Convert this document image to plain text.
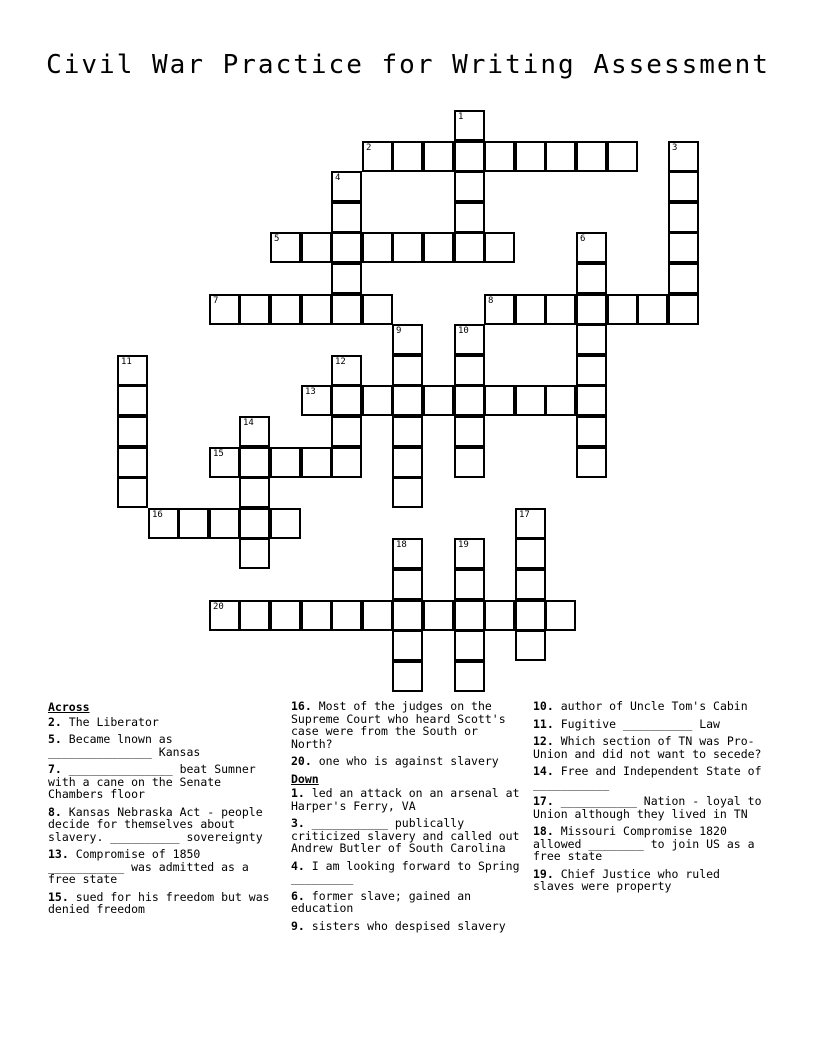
Civil War Practice for Writing Assessment
2
5
7	8
13
15
16
20
1
3
4
6
9	10
11	12
14
17
18	19
Across
2. The Liberator
5. Became lnown as _______________ Kansas
7. _______________ beat Sumner with a cane on the Senate Chambers floor
8. Kansas Nebraska Act - people decide for themselves about slavery. __________ sovereignty
13. Compromise of 1850 ___________ was admitted as a free state
15. sued for his freedom but was denied freedom
16. Most of the judges on the Supreme Court who heard Scott's case were from the South or North?
20. one who is against slavery
Down
1. led an attack on an arsenal at Harper's Ferry, VA
3. ___________ publically criticized slavery and called out Andrew Butler of South Carolina
4. I am looking forward to Spring _________
6. former slave; gained an education
9. sisters who despised slavery
10. author of Uncle Tom's Cabin
11. Fugitive __________ Law
12. Which section of TN was Pro-Union and did not want to secede?
14. Free and Independent State of ___________
17. ___________ Nation - loyal to Union although they lived in TN
18. Missouri Compromise 1820 allowed ________ to join US as a free state
19. Chief Justice who ruled slaves were property
